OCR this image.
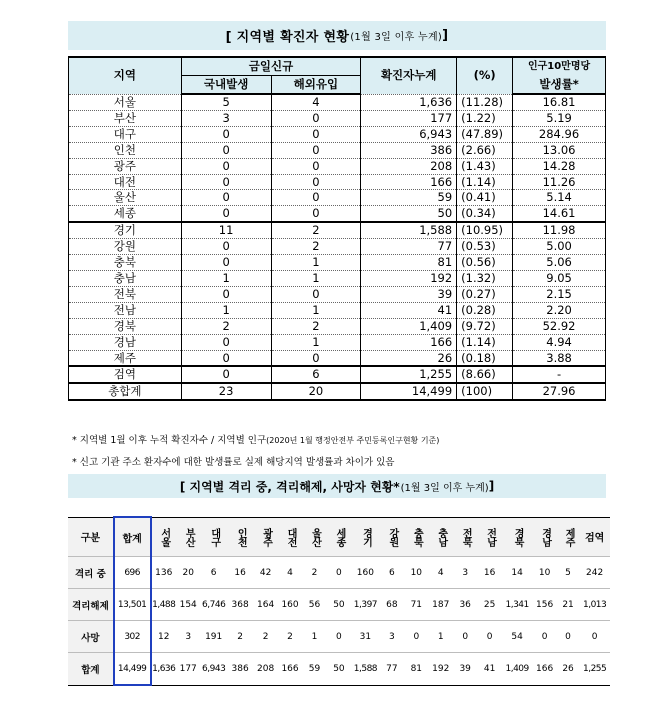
[ 지역별 확진자 현황 (1월 3일 이후 누계) ]
지역	금일신규		확진자누계	(%)	인구10만명당
	국내발생	해외유입			발생률*
서울	5	4	1,636	(11.28)	16.81
부산	3	0	177	(1.22)	5.19
대구	0	0	6,943	(47.89)	284.96
인천	0	0	386	(2.66)	13.06
광주	0	0	208	(1.43)	14.28
대전	0	0	166	(1.14)	11.26
울산	0	0	59	(0.41)	5.14
세종	0	0	50	(0.34)	14.61
경기	11	2	1,588	(10.95)	11.98
강원	0	2	77	(0.53)	5.00
충북	0	1	81	(0.56)	5.06
충남	1	1	192	(1.32)	9.05
전북	0	0	39	(0.27)	2.15
전남	1	1	41	(0.28)	2.20
경북	2	2	1,409	(9.72)	52.92
경남	0	1	166	(1.14)	4.94
제주	0	0	26	(0.18)	3.88
검역	0	6	1,255	(8.66)	-
총합계	23	20	14,499	(100)	27.96
* 지역별 1월 이후 누적 확진자수 / 지역별 인구 (2020년 1월 행정안전부 주민등록인구현황 기준)
* 신고 기관 주소 환자수에 대한 발생률로 실제 해당지역 발생률과 차이가 있음
[ 지역별 격리 중, 격리해제, 사망자 현황* (1월 3일 이후 누계) ]
구분	합계	서울	부산	대구	인천	광주	대전	울산	세종	경기	강원	충북	충남	전북	전남	경북	경남	제주	검역
격리 중	696	136	20	6	16	42	4	2	0	160	6	10	4	3	16	14	10	5	242
격리해제	13,501	1,488	154	6,746	368	164	160	56	50	1,397	68	71	187	36	25	1,341	156	21	1,013
사망	302	12	3	191	2	2	2	1	0	31	3	0	1	0	0	54	0	0	0
합계	14,499	1,636	177	6,943	386	208	166	59	50	1,588	77	81	192	39	41	1,409	166	26	1,255
